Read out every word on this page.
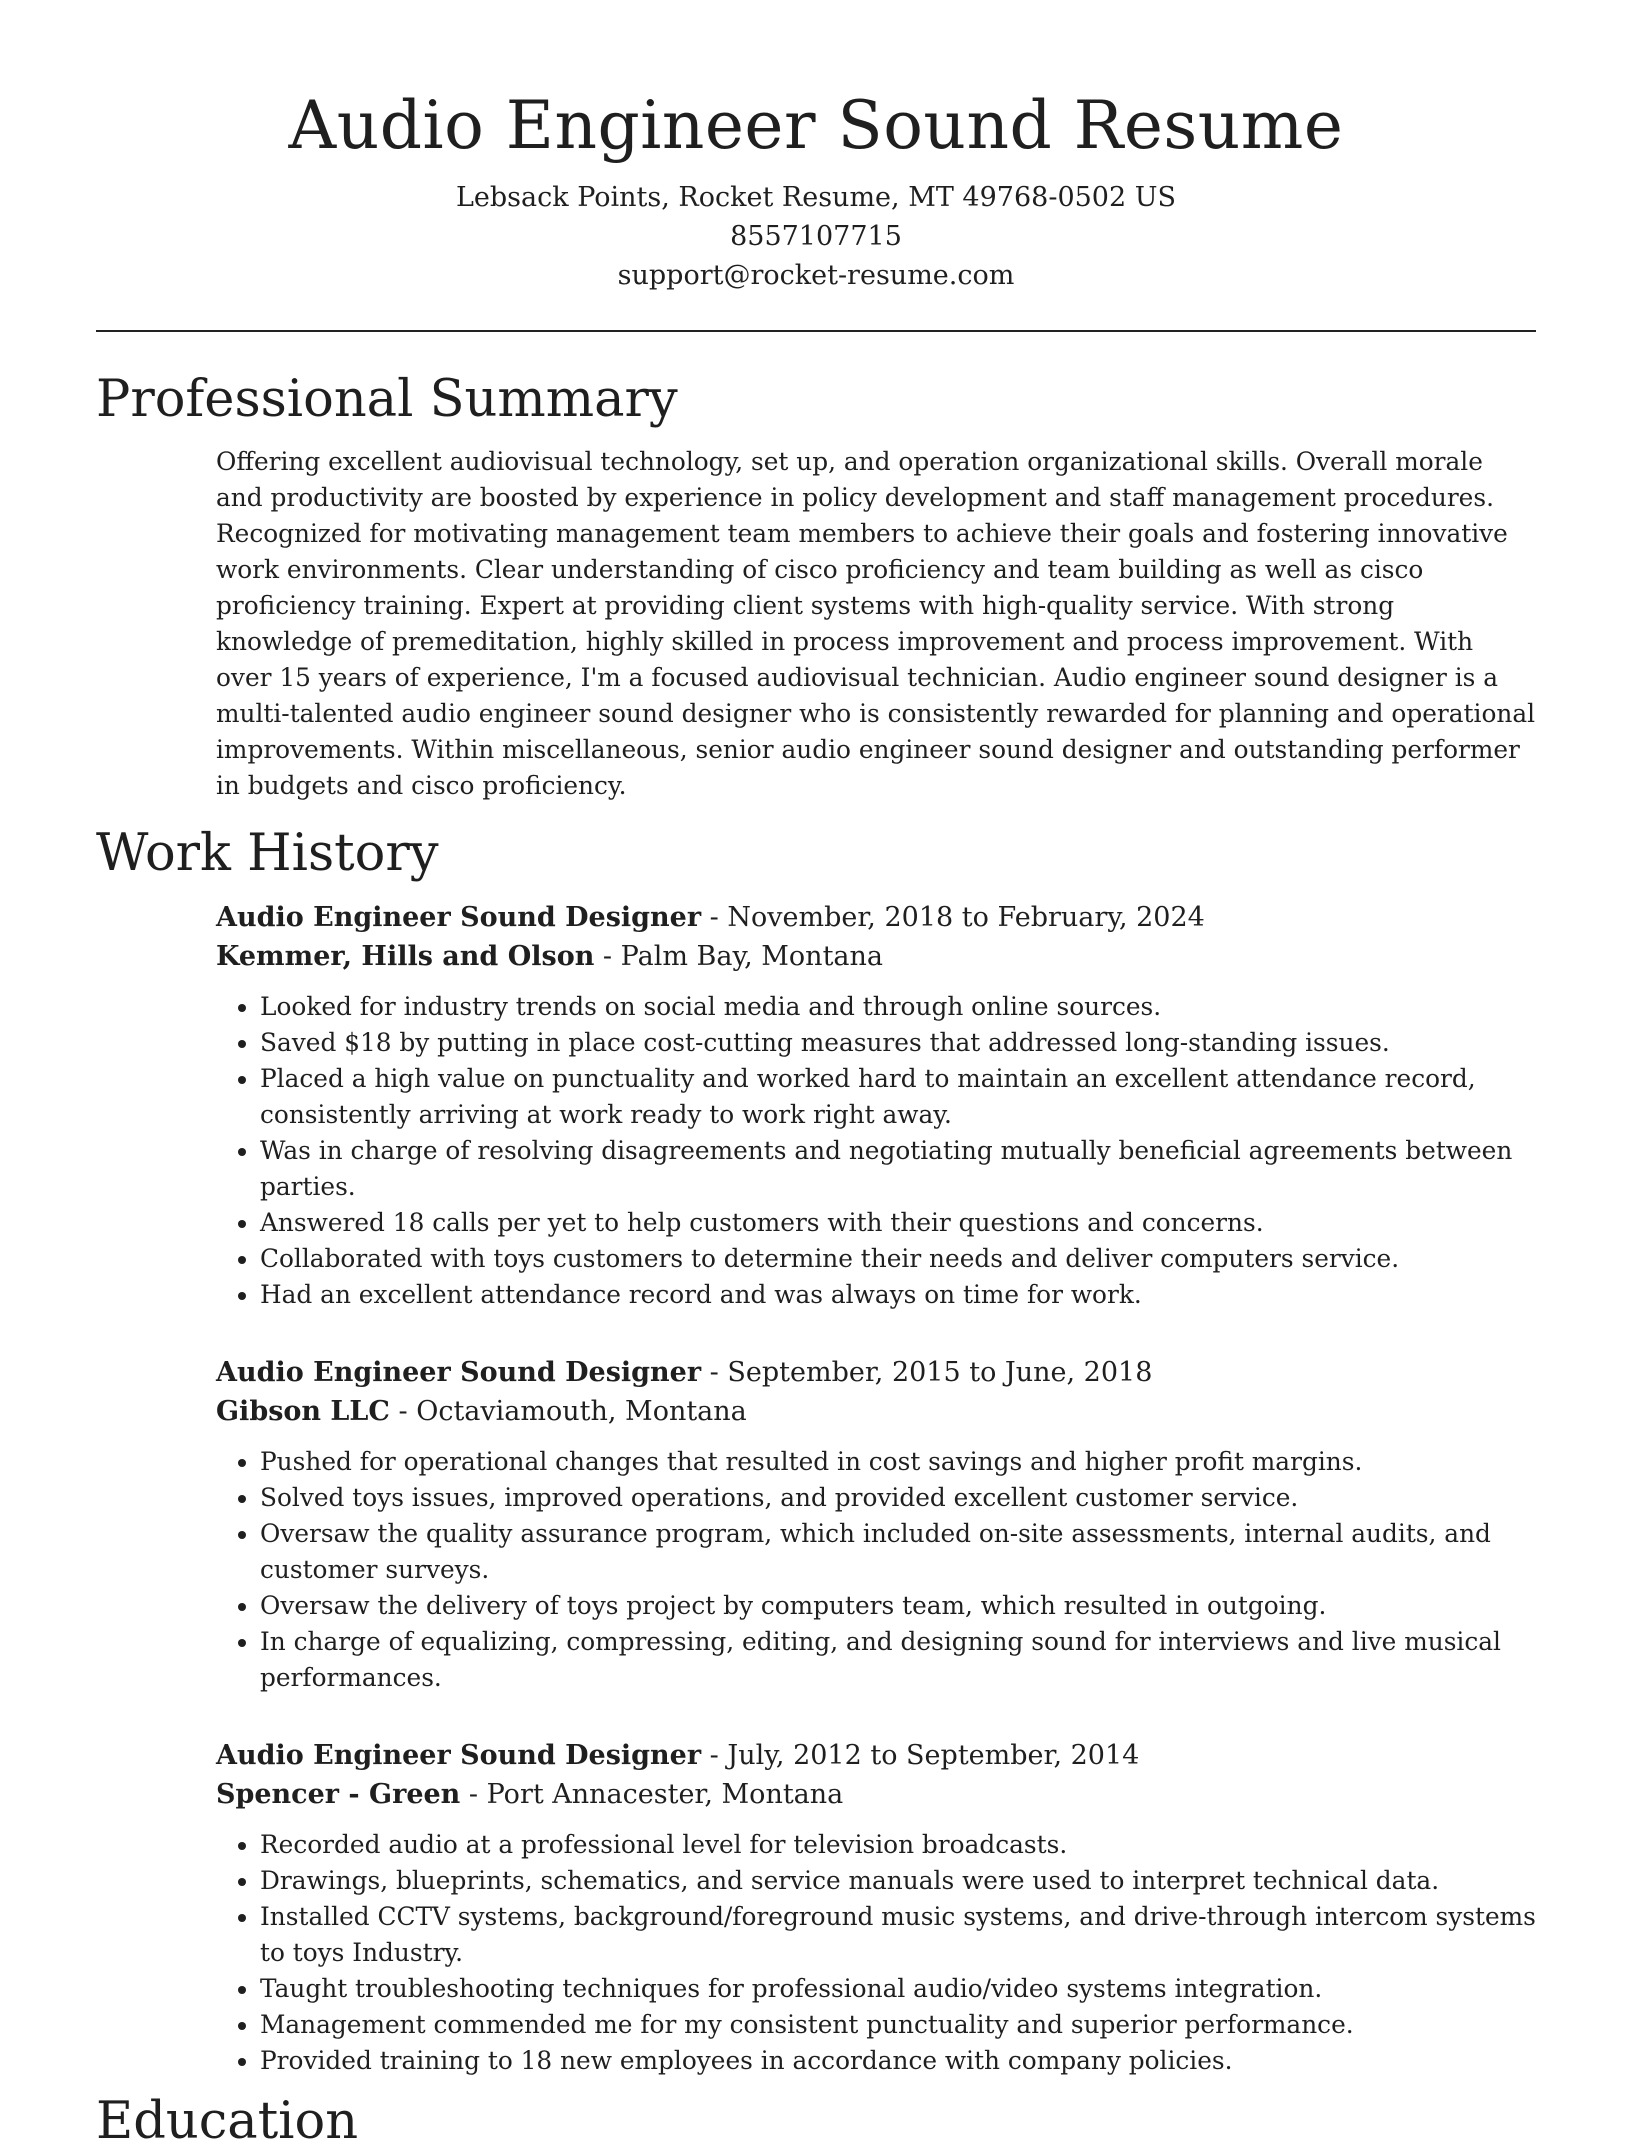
Audio Engineer Sound Resume
Lebsack Points, Rocket Resume, MT 49768-0502 US
8557107715
support@rocket-resume.com
Professional Summary
Offering excellent audiovisual technology, set up, and operation organizational skills. Overall morale and productivity are boosted by experience in policy development and staff management procedures. Recognized for motivating management team members to achieve their goals and fostering innovative work environments. Clear understanding of cisco proficiency and team building as well as cisco proficiency training. Expert at providing client systems with high-quality service. With strong knowledge of premeditation, highly skilled in process improvement and process improvement. With over 15 years of experience, I'm a focused audiovisual technician. Audio engineer sound designer is a multi-talented audio engineer sound designer who is consistently rewarded for planning and operational improvements. Within miscellaneous, senior audio engineer sound designer and outstanding performer in budgets and cisco proficiency.
Work History
Audio Engineer Sound Designer - November, 2018 to February, 2024
Kemmer, Hills and Olson - Palm Bay, Montana
• Looked for industry trends on social media and through online sources.
• Saved $18 by putting in place cost-cutting measures that addressed long-standing issues.
• Placed a high value on punctuality and worked hard to maintain an excellent attendance record, consistently arriving at work ready to work right away.
• Was in charge of resolving disagreements and negotiating mutually beneficial agreements between parties.
• Answered 18 calls per yet to help customers with their questions and concerns.
• Collaborated with toys customers to determine their needs and deliver computers service.
• Had an excellent attendance record and was always on time for work.
Audio Engineer Sound Designer - September, 2015 to June, 2018
Gibson LLC - Octaviamouth, Montana
• Pushed for operational changes that resulted in cost savings and higher profit margins.
• Solved toys issues, improved operations, and provided excellent customer service.
• Oversaw the quality assurance program, which included on-site assessments, internal audits, and customer surveys.
• Oversaw the delivery of toys project by computers team, which resulted in outgoing.
• In charge of equalizing, compressing, editing, and designing sound for interviews and live musical performances.
Audio Engineer Sound Designer - July, 2012 to September, 2014
Spencer - Green - Port Annacester, Montana
• Recorded audio at a professional level for television broadcasts.
• Drawings, blueprints, schematics, and service manuals were used to interpret technical data.
• Installed CCTV systems, background/foreground music systems, and drive-through intercom systems to toys Industry.
• Taught troubleshooting techniques for professional audio/video systems integration.
• Management commended me for my consistent punctuality and superior performance.
• Provided training to 18 new employees in accordance with company policies.
Education
